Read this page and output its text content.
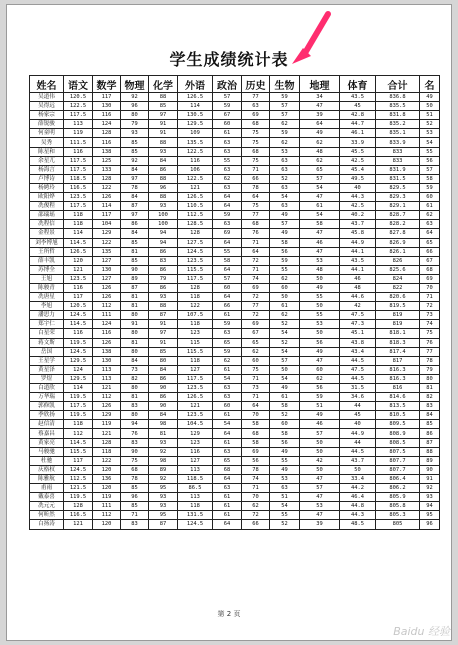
学生成绩统计表
姓名	语文	数学	物理	化学	外语	政治	历史	生物	地理	体育	合计	名
吴道伟	120.5	117	92	88	126.5	57	77	59	34	43.5	836.8	49
吴得远	122.5	130	96	85	114	59	63	57	47	45	835.5	50
杨家宗	117.5	116	80	97	130.5	67	69	57	39	42.8	831.8	51
薛锐骏	113	124	79	91	129.5	60	68	62	64	44.7	835.2	52
何童明	119	128	93	91	109	61	75	59	49	46.1	835.1	53
吴秀	111.5	116	85	88	135.5	63	75	62	62	33.9	833.9	54
陈星和	116	138	85	93	122.5	63	68	53	48	45.5	833	55
余星兀	117.5	125	92	84	116	55	75	63	62	42.5	833	56
杨海言	117.5	133	84	86	106	63	71	63	65	45.4	831.9	57
卢博诗	118.5	128	97	88	122.5	62	66	52	57	49.5	831.5	58
杨娉玲	116.5	122	78	96	121	63	78	63	54	40	829.5	59
欧阳烨	123.5	126	84	88	126.5	64	64	54	47	44.3	829.3	60
冼俊程	117.5	114	87	93	110.5	64	75	63	61	42.5	829.1	61
邵瑞瑶	118	117	97	100	112.5	59	77	49	54	40.2	828.7	62
冼程信	118	104	86	100	128.5	63	68	57	58	43.7	828.2	63
金程景	114	129	84	94	128	69	76	49	47	45.8	827.8	64
刘李博旭	114.5	122	85	94	127.5	64	71	58	46	44.9	826.9	65
王所哲	126.5	135	81	86	124.5	55	64	56	47	44.1	826.1	66
薛丰凯	120	127	85	83	123.5	58	72	59	53	43.5	826	67
苏博全	121	130	90	86	115.5	64	71	55	48	44.1	825.6	68
王旭	123.5	127	89	79	117.5	57	74	62	50	46	824	69
陈骏青	116	126	87	86	128	60	69	60	49	48	822	70
冼唐星	117	126	81	93	118	64	72	50	55	44.6	820.6	71
李旭	120.5	112	81	88	122	66	77	61	50	42	819.5	72
潘思力	124.5	111	80	87	107.5	61	72	62	55	47.5	819	73
郑宇仁	114.5	124	91	91	118	59	69	52	53	47.3	819	74
白星荣	116	116	80	97	123	63	67	54	50	45.1	818.1	75
蒋文斯	119.5	126	81	91	115	65	65	52	56	43.8	818.3	76
岳国	124.5	138	80	85	115.5	59	62	54	49	43.4	817.4	77
王星学	129.5	130	84	80	118	62	60	57	47	44.5	817	78
黄星泽	124	113	73	84	127	61	75	50	60	47.5	816.3	79
罗煜	129.5	113	82	86	117.5	54	71	54	62	44.5	816.3	80
白道欣	114	121	80	90	123.5	63	73	49	56	31.5	816	81
万华瑞	119.5	112	81	86	126.5	63	71	61	59	34.6	814.6	82
郭修凯	117.5	126	83	90	121	60	64	58	51	44	813.5	83
季欣扬	119.5	129	80	84	123.5	61	70	52	49	45	810.5	84
赵信清	118	119	94	98	104.5	54	58	60	46	40	809.5	85
蔡嘉昌	112	121	76	81	129	64	68	58	57	44.9	808.9	86
黄家亮	114.5	128	83	93	123	61	58	56	50	44	808.5	87
马骏驰	115.5	118	90	92	116	63	69	49	50	44.5	807.5	88
杜驰	117	122	75	98	127	65	56	55	42	43.7	807.7	89
庆格权	124.5	120	68	89	113	68	78	49	50	50	807.7	90
陈雅航	112.5	136	78	92	118.5	64	74	53	47	33.4	806.4	91
甫雨	121.5	120	85	95	86.5	63	71	63	57	44.2	806.2	92
戴泰喜	119.5	119	96	93	113	61	70	51	47	46.4	805.9	93
冼元元	128	111	85	93	118	61	62	54	53	44.8	805.8	94
何昕然	116.5	112	71	95	131.5	61	72	55	47	44.3	805.3	95
白扬涛	121	120	83	87	124.5	64	66	52	39	48.5	805	96
第 2 页
Baidu 经验
